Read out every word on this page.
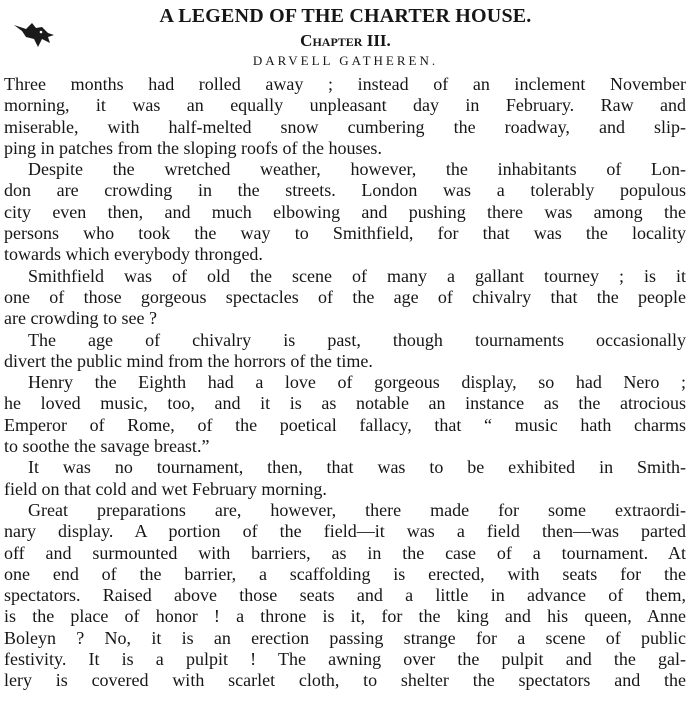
A LEGEND OF THE CHARTER HOUSE.
Chapter III.
DARVELL GATHEREN.
Three months had rolled away ; instead of an inclement November
morning, it was an equally unpleasant day in February. Raw and
miserable, with half-melted snow cumbering the roadway, and slip-
ping in patches from the sloping roofs of the houses.
Despite the wretched weather, however, the inhabitants of Lon-
don are crowding in the streets. London was a tolerably populous
city even then, and much elbowing and pushing there was among the
persons who took the way to Smithfield, for that was the locality
towards which everybody thronged.
Smithfield was of old the scene of many a gallant tourney ; is it
one of those gorgeous spectacles of the age of chivalry that the people
are crowding to see ?
The age of chivalry is past, though tournaments occasionally
divert the public mind from the horrors of the time.
Henry the Eighth had a love of gorgeous display, so had Nero ;
he loved music, too, and it is as notable an instance as the atrocious
Emperor of Rome, of the poetical fallacy, that “ music hath charms
to soothe the savage breast.”
It was no tournament, then, that was to be exhibited in Smith-
field on that cold and wet February morning.
Great preparations are, however, there made for some extraordi-
nary display. A portion of the field—it was a field then—was parted
off and surmounted with barriers, as in the case of a tournament. At
one end of the barrier, a scaffolding is erected, with seats for the
spectators. Raised above those seats and a little in advance of them,
is the place of honor ! a throne is it, for the king and his queen, Anne
Boleyn ? No, it is an erection passing strange for a scene of public
festivity. It is a pulpit ! The awning over the pulpit and the gal-
lery is covered with scarlet cloth, to shelter the spectators and the
